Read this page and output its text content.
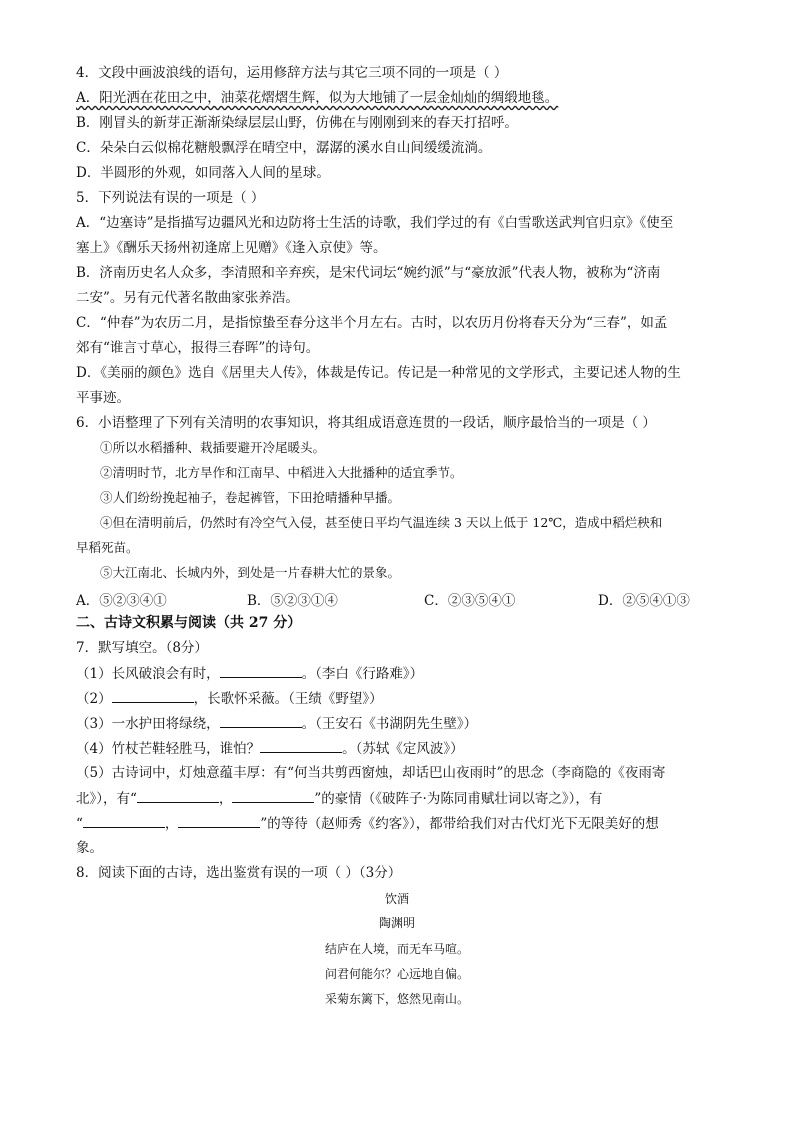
4．文段中画波浪线的语句，运用修辞方法与其它三项不同的一项是（ ）
A．阳光洒在花田之中，油菜花熠熠生辉，似为大地铺了一层金灿灿的绸缎地毯。
B．刚冒头的新芽正渐渐染绿层层山野，仿佛在与刚刚到来的春天打招呼。
C．朵朵白云似棉花糖般飘浮在晴空中，潺潺的溪水自山间缓缓流淌。
D．半圆形的外观，如同落入人间的星球。
5．下列说法有误的一项是（ ）
A．“边塞诗”是指描写边疆风光和边防将士生活的诗歌，我们学过的有《白雪歌送武判官归京》《使至
塞上》《酬乐天扬州初逢席上见赠》《逢入京使》等。
B．济南历史名人众多，李清照和辛弃疾，是宋代词坛“婉约派”与“豪放派”代表人物，被称为“济南
二安”。另有元代著名散曲家张养浩。
C．“仲春”为农历二月，是指惊蛰至春分这半个月左右。古时，以农历月份将春天分为“三春”，如孟
郊有“谁言寸草心，报得三春晖”的诗句。
D．《美丽的颜色》选自《居里夫人传》，体裁是传记。传记是一种常见的文学形式，主要记述人物的生
平事迹。
6．小语整理了下列有关清明的农事知识，将其组成语意连贯的一段话，顺序最恰当的一项是（ ）
①所以水稻播种、栽插要避开冷尾暖头。
②清明时节，北方旱作和江南早、中稻进入大批播种的适宜季节。
③人们纷纷挽起袖子，卷起裤管，下田抢晴播种早播。
④但在清明前后，仍然时有冷空气入侵，甚至使日平均气温连续 3 天以上低于 12℃，造成中稻烂秧和
早稻死苗。
⑤大江南北、长城内外，到处是一片春耕大忙的景象。
A．⑤②③④①	B．⑤②③①④	C．②③⑤④①	D．②⑤④①③
二、古诗文积累与阅读（共 27 分）
7．默写填空。（8分）
（1）长风破浪会有时，	。（李白《行路难》）
（2）	，长歌怀采薇。（王绩《野望》）
（3）一水护田将绿绕，	。（王安石《书湖阴先生壁》）
（4）竹杖芒鞋轻胜马，谁怕？	。（苏轼《定风波》）
（5）古诗词中，灯烛意蕴丰厚：有“何当共剪西窗烛，却话巴山夜雨时”的思念（李商隐的《夜雨寄
北》），有“	，	”的豪情（《破阵子·为陈同甫赋壮词以寄之》），有
“	，	”的等待（赵师秀《约客》），都带给我们对古代灯光下无限美好的想
象。
8．阅读下面的古诗，选出鉴赏有误的一项（ ）（3分）
饮酒
陶渊明
结庐在人境，而无车马喧。
问君何能尔？心远地自偏。
采菊东篱下，悠然见南山。
